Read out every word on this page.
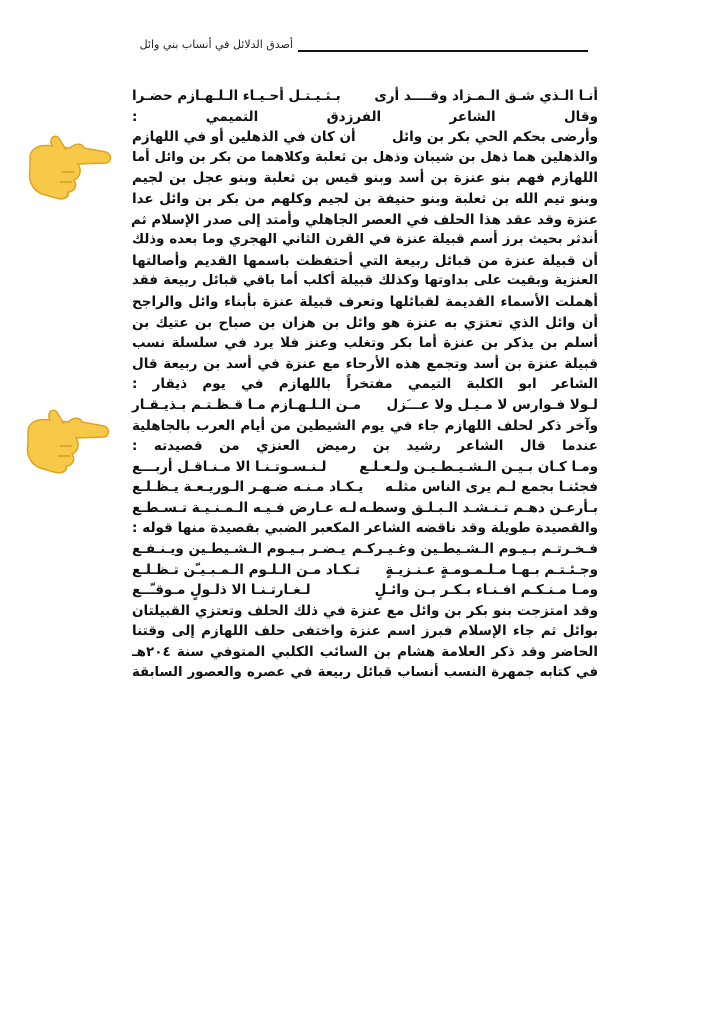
أصدق الدلائل في أنساب بني وائل
أنـا الـذي شـق الـمـزاد وقــــد أرى
بـثـيـتـل أحـيـاء الـلـهـازم حضـرا
وقال الشاعر الفرزدق التميمي :
وأرضى بحكم الحي بكر بن وائل
أن كان في الذهلين أو في اللهازم
والذهلين هما ذهل بن شيبان وذهل بن ثعلبة وكلاهما من بكر بن وائل أما
اللهازم فهم بنو عنزة بن أسد وبنو قيس بن ثعلبة وبنو عجل بن لجيم
وبنو تيم الله بن ثعلبة وبنو حنيفة بن لجيم وكلهم من بكر بن وائل عدا
عنزة وقد عقد هذا الحلف في العصر الجاهلي وأمتد إلى صدر الإسلام ثم
أندثر بحيث برز أسم قبيلة عنزة في القرن الثاني الهجري وما بعده وذلك
أن قبيلة عنزة من قبائل ربيعة التي أحتفظت باسمها القديم وأصالتها
العنزية وبقيت على بداوتها وكذلك قبيلة أكلب أما باقي قبائل ربيعة فقد
أهملت الأسماء القديمة لقبائلها وتعرف قبيلة عنزة بأبناء وائل والراجح
أن وائل الذي تعتزي به عنزة هو وائل بن هزان بن صباح بن عتيك بن
أسلم بن يذكر بن عنزة أما بكر وتغلب وعنز فلا يرد في سلسلة نسب
قبيلة عنزة بن أسد وتجمع هذه الأرحاء مع عنزة في أسد بن ربيعة قال
الشاعر ابو الكلبة التيمي مفتخراً باللهازم في يوم ذيقار :
لـولا فـوارس لا مـيـل ولا عـــَزل
مـن الـلـهـازم مـا قـظـتـم بـذيـقـار
وآخر ذكر لحلف اللهازم جاء في يوم الشيطين من أيام العرب بالجاهلية
عندما قال الشاعر رشيد بن رميض العنزي من قصيدته :
ومـا كـان بـيـن الـشـيـطـيـن ولـعـلـع
لـنـسـوتـنـا الا مـنـاقـل أربـــع
فجئنـا بجمع لـم يرى الناس مثلـه
يـكـاد مـنـه ضـهـر الـوريـعـة يـظـلـع
بـأرعـن دهـم تـنـشـد الـبـلـق وسطـه
لـه عـارض فـيـه الـمـنـيـة تـسـطـع
والقصيدة طويلة وقد ناقضه الشاعر المكعبر الضبي بقصيدة منها قوله :
فـخـرتـم بـيـوم الـشـيطـين وغـيـركـم
يـضـر بـيـوم الـشـيطـين ويـنـفـع
وجـئـتـم بـهـا مـلـمـومـةٍ عـنـزيـةٍ
تـكـاد مـن الـلـوم الـمـبـيـّن تـظـلـع
ومـا مـنـكـم افـنـاء بـكـر بـن وائـلٍ
لـغـارتـنـا الا ذلـولٍ مـوقـّــع
وقد امتزجت بنو بكر بن وائل مع عنزة في ذلك الحلف وتعتزي القبيلتان
بوائل ثم جاء الإسلام فبرز اسم عنزة واختفى حلف اللهازم إلى وقتنا
الحاضر وقد ذكر العلامة هشام بن السائب الكلبي المتوفي سنة ٢٠٤هـ
في كتابه جمهرة النسب أنساب قبائل ربيعة في عصره والعصور السابقة
